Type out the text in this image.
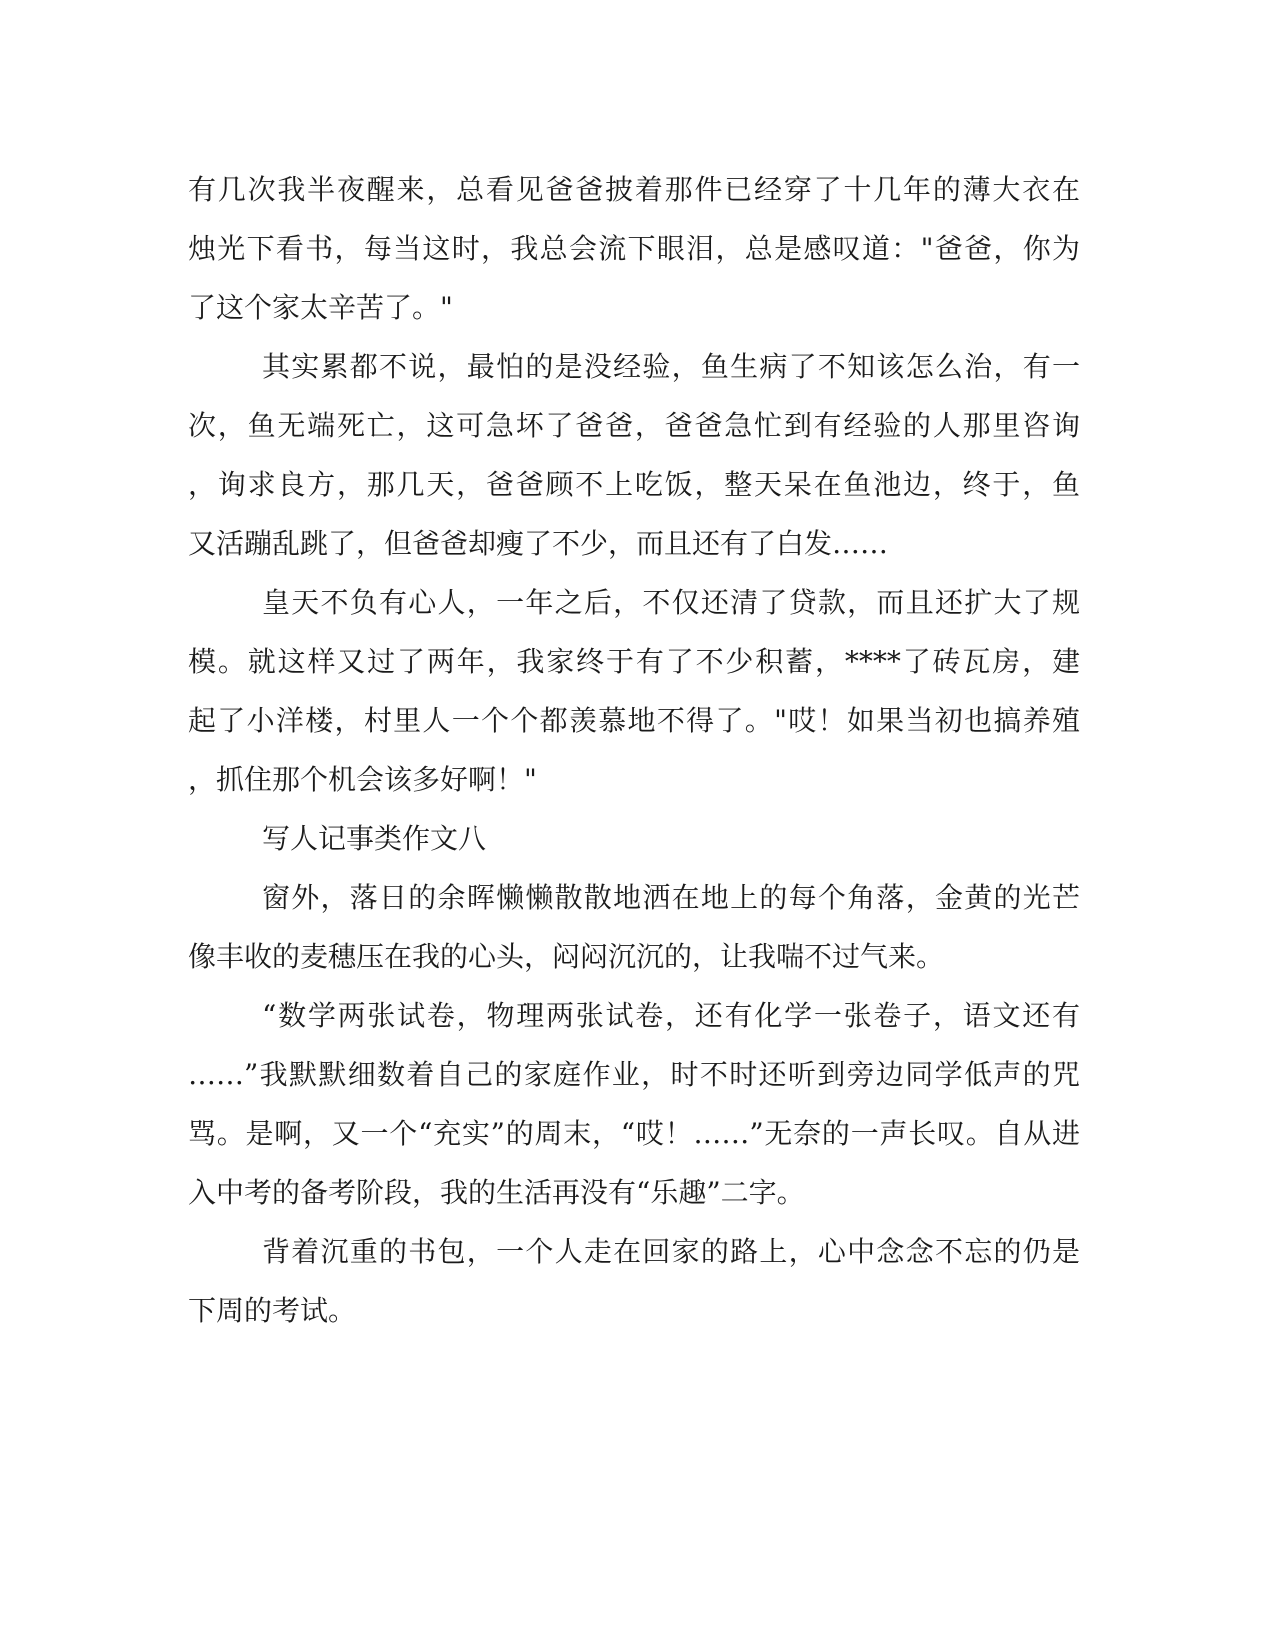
有几次我半夜醒来，总看见爸爸披着那件已经穿了十几年的薄大衣在
烛光下看书，每当这时，我总会流下眼泪，总是感叹道："爸爸，你为
了这个家太辛苦了。"
其实累都不说，最怕的是没经验，鱼生病了不知该怎么治，有一
次，鱼无端死亡，这可急坏了爸爸，爸爸急忙到有经验的人那里咨询
，询求良方，那几天，爸爸顾不上吃饭，整天呆在鱼池边，终于，鱼
又活蹦乱跳了，但爸爸却瘦了不少，而且还有了白发……
皇天不负有心人，一年之后，不仅还清了贷款，而且还扩大了规
模。就这样又过了两年，我家终于有了不少积蓄，****了砖瓦房，建
起了小洋楼，村里人一个个都羡慕地不得了。"哎！如果当初也搞养殖
，抓住那个机会该多好啊！"
写人记事类作文八
窗外，落日的余晖懒懒散散地洒在地上的每个角落，金黄的光芒
像丰收的麦穗压在我的心头，闷闷沉沉的，让我喘不过气来。
“数学两张试卷，物理两张试卷，还有化学一张卷子，语文还有
……”我默默细数着自己的家庭作业，时不时还听到旁边同学低声的咒
骂。是啊，又一个“充实”的周末，“哎！……”无奈的一声长叹。自从进
入中考的备考阶段，我的生活再没有“乐趣”二字。
背着沉重的书包，一个人走在回家的路上，心中念念不忘的仍是
下周的考试。
